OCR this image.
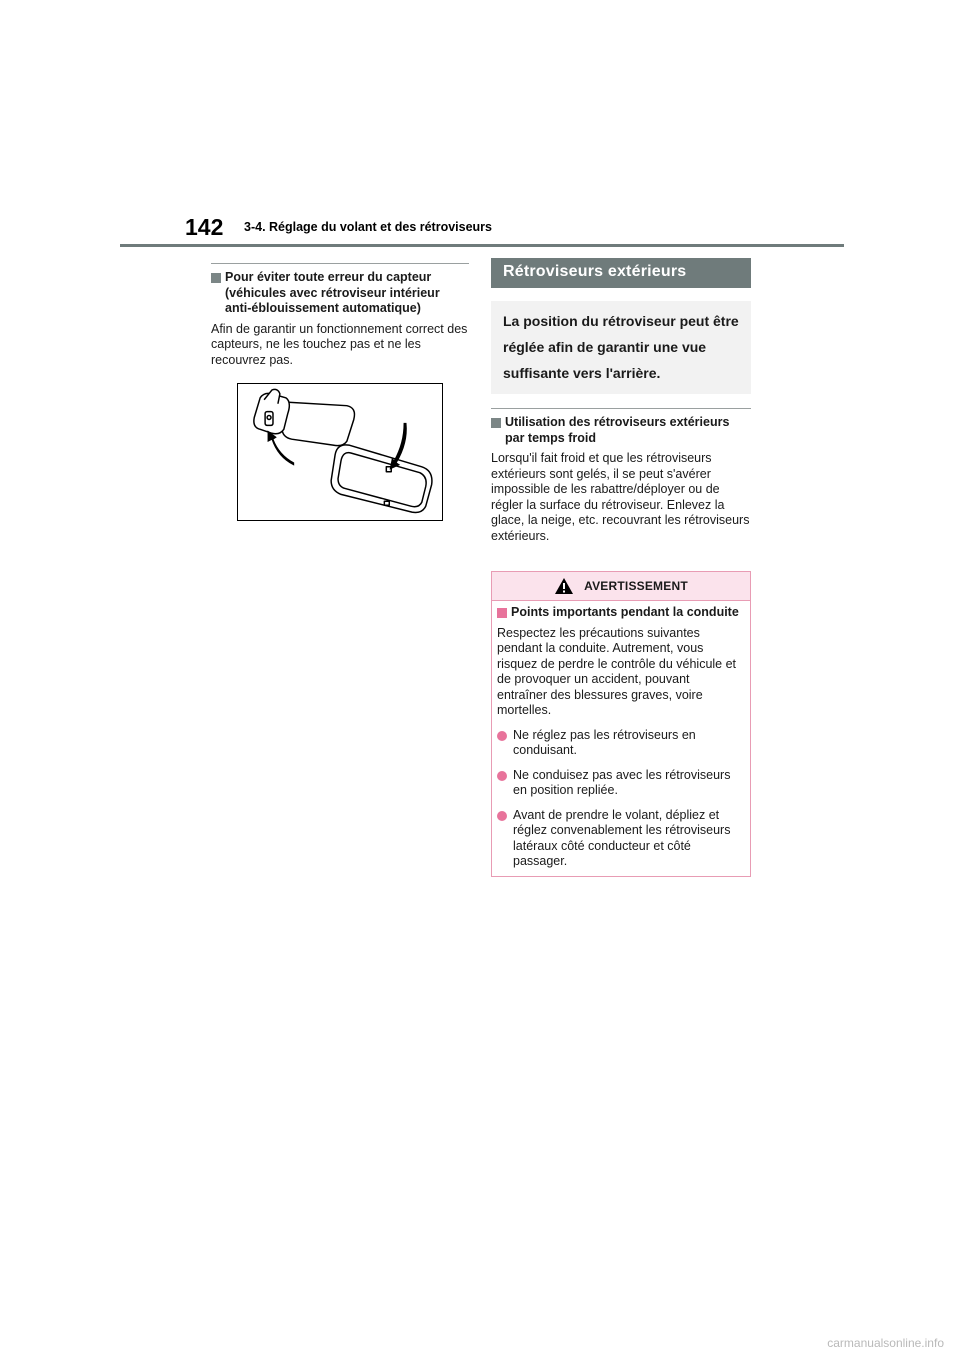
142 3-4. Réglage du volant et des rétroviseurs
Pour éviter toute erreur du capteur (véhicules avec rétroviseur intérieur anti-éblouissement automatique)
Afin de garantir un fonctionnement correct des capteurs, ne les touchez pas et ne les recouvrez pas.
Rétroviseurs extérieurs
La position du rétroviseur peut être réglée afin de garantir une vue suffisante vers l'arrière.
Utilisation des rétroviseurs extérieurs par temps froid
Lorsqu'il fait froid et que les rétroviseurs extérieurs sont gelés, il se peut s'avérer impossible de les rabattre/déployer ou de régler la surface du rétroviseur. Enlevez la glace, la neige, etc. recouvrant les rétroviseurs extérieurs.
AVERTISSEMENT
Points importants pendant la conduite
Respectez les précautions suivantes pendant la conduite. Autrement, vous risquez de perdre le contrôle du véhicule et de provoquer un accident, pouvant entraîner des blessures graves, voire mortelles.
Ne réglez pas les rétroviseurs en conduisant.
Ne conduisez pas avec les rétroviseurs en position repliée.
Avant de prendre le volant, dépliez et réglez convenablement les rétroviseurs latéraux côté conducteur et côté passager.
carmanualsonline.info
